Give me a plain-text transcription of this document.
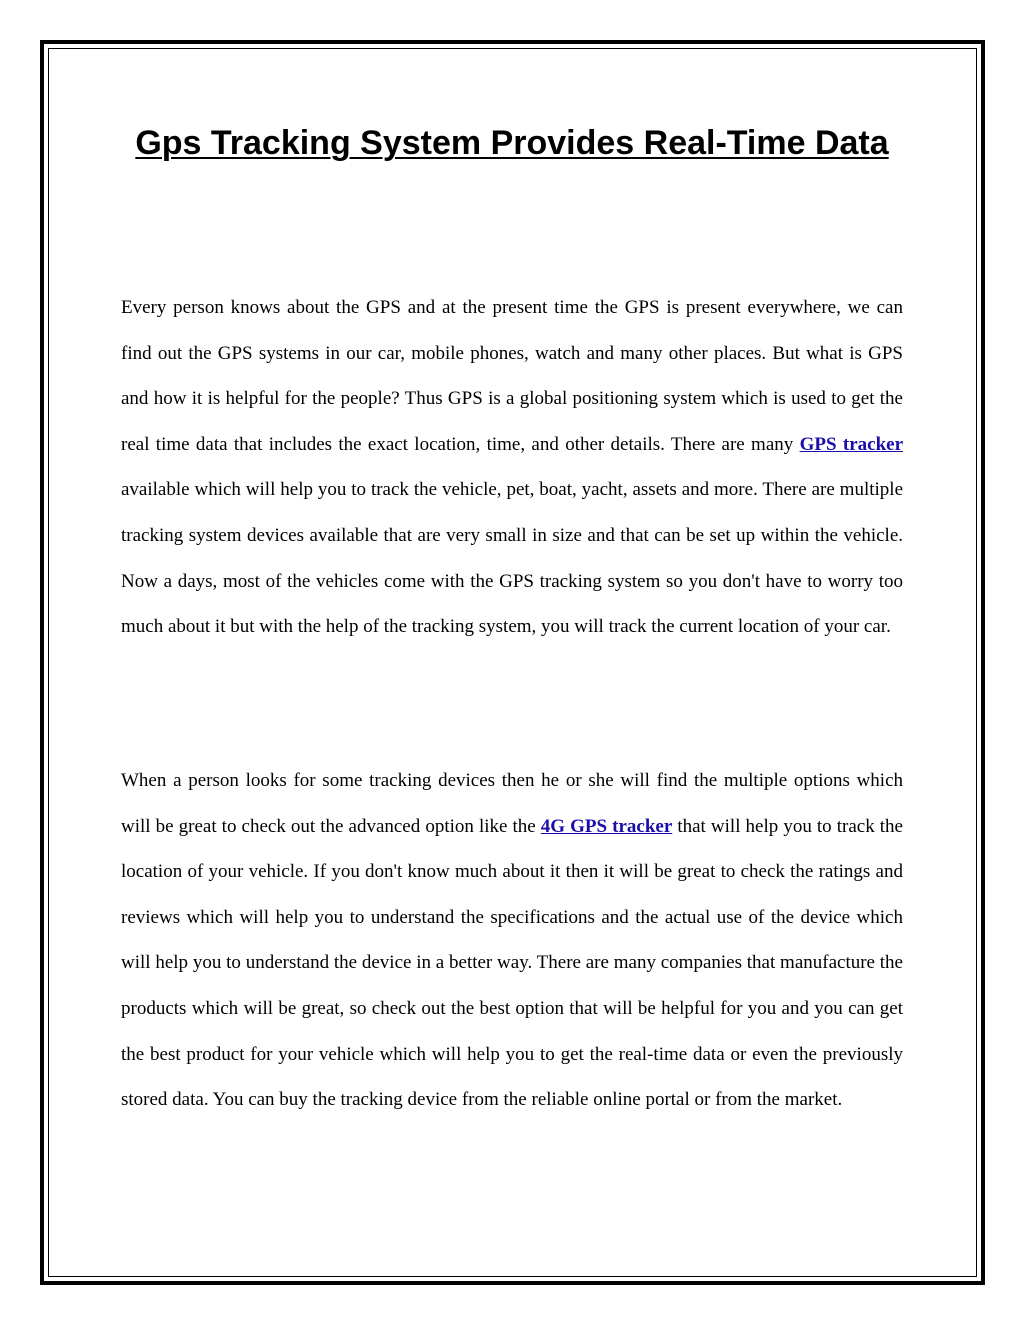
Gps Tracking System Provides Real-Time Data

Every person knows about the GPS and at the present time the GPS is present everywhere, we can find out the GPS systems in our car, mobile phones, watch and many other places. But what is GPS and how it is helpful for the people? Thus GPS is a global positioning system which is used to get the real time data that includes the exact location, time, and other details. There are many GPS tracker available which will help you to track the vehicle, pet, boat, yacht, assets and more. There are multiple tracking system devices available that are very small in size and that can be set up within the vehicle. Now a days, most of the vehicles come with the GPS tracking system so you don't have to worry too much about it but with the help of the tracking system, you will track the current location of your car.

When a person looks for some tracking devices then he or she will find the multiple options which will be great to check out the advanced option like the 4G GPS tracker that will help you to track the location of your vehicle. If you don't know much about it then it will be great to check the ratings and reviews which will help you to understand the specifications and the actual use of the device which will help you to understand the device in a better way. There are many companies that manufacture the products which will be great, so check out the best option that will be helpful for you and you can get the best product for your vehicle which will help you to get the real-time data or even the previously stored data. You can buy the tracking device from the reliable online portal or from the market.
